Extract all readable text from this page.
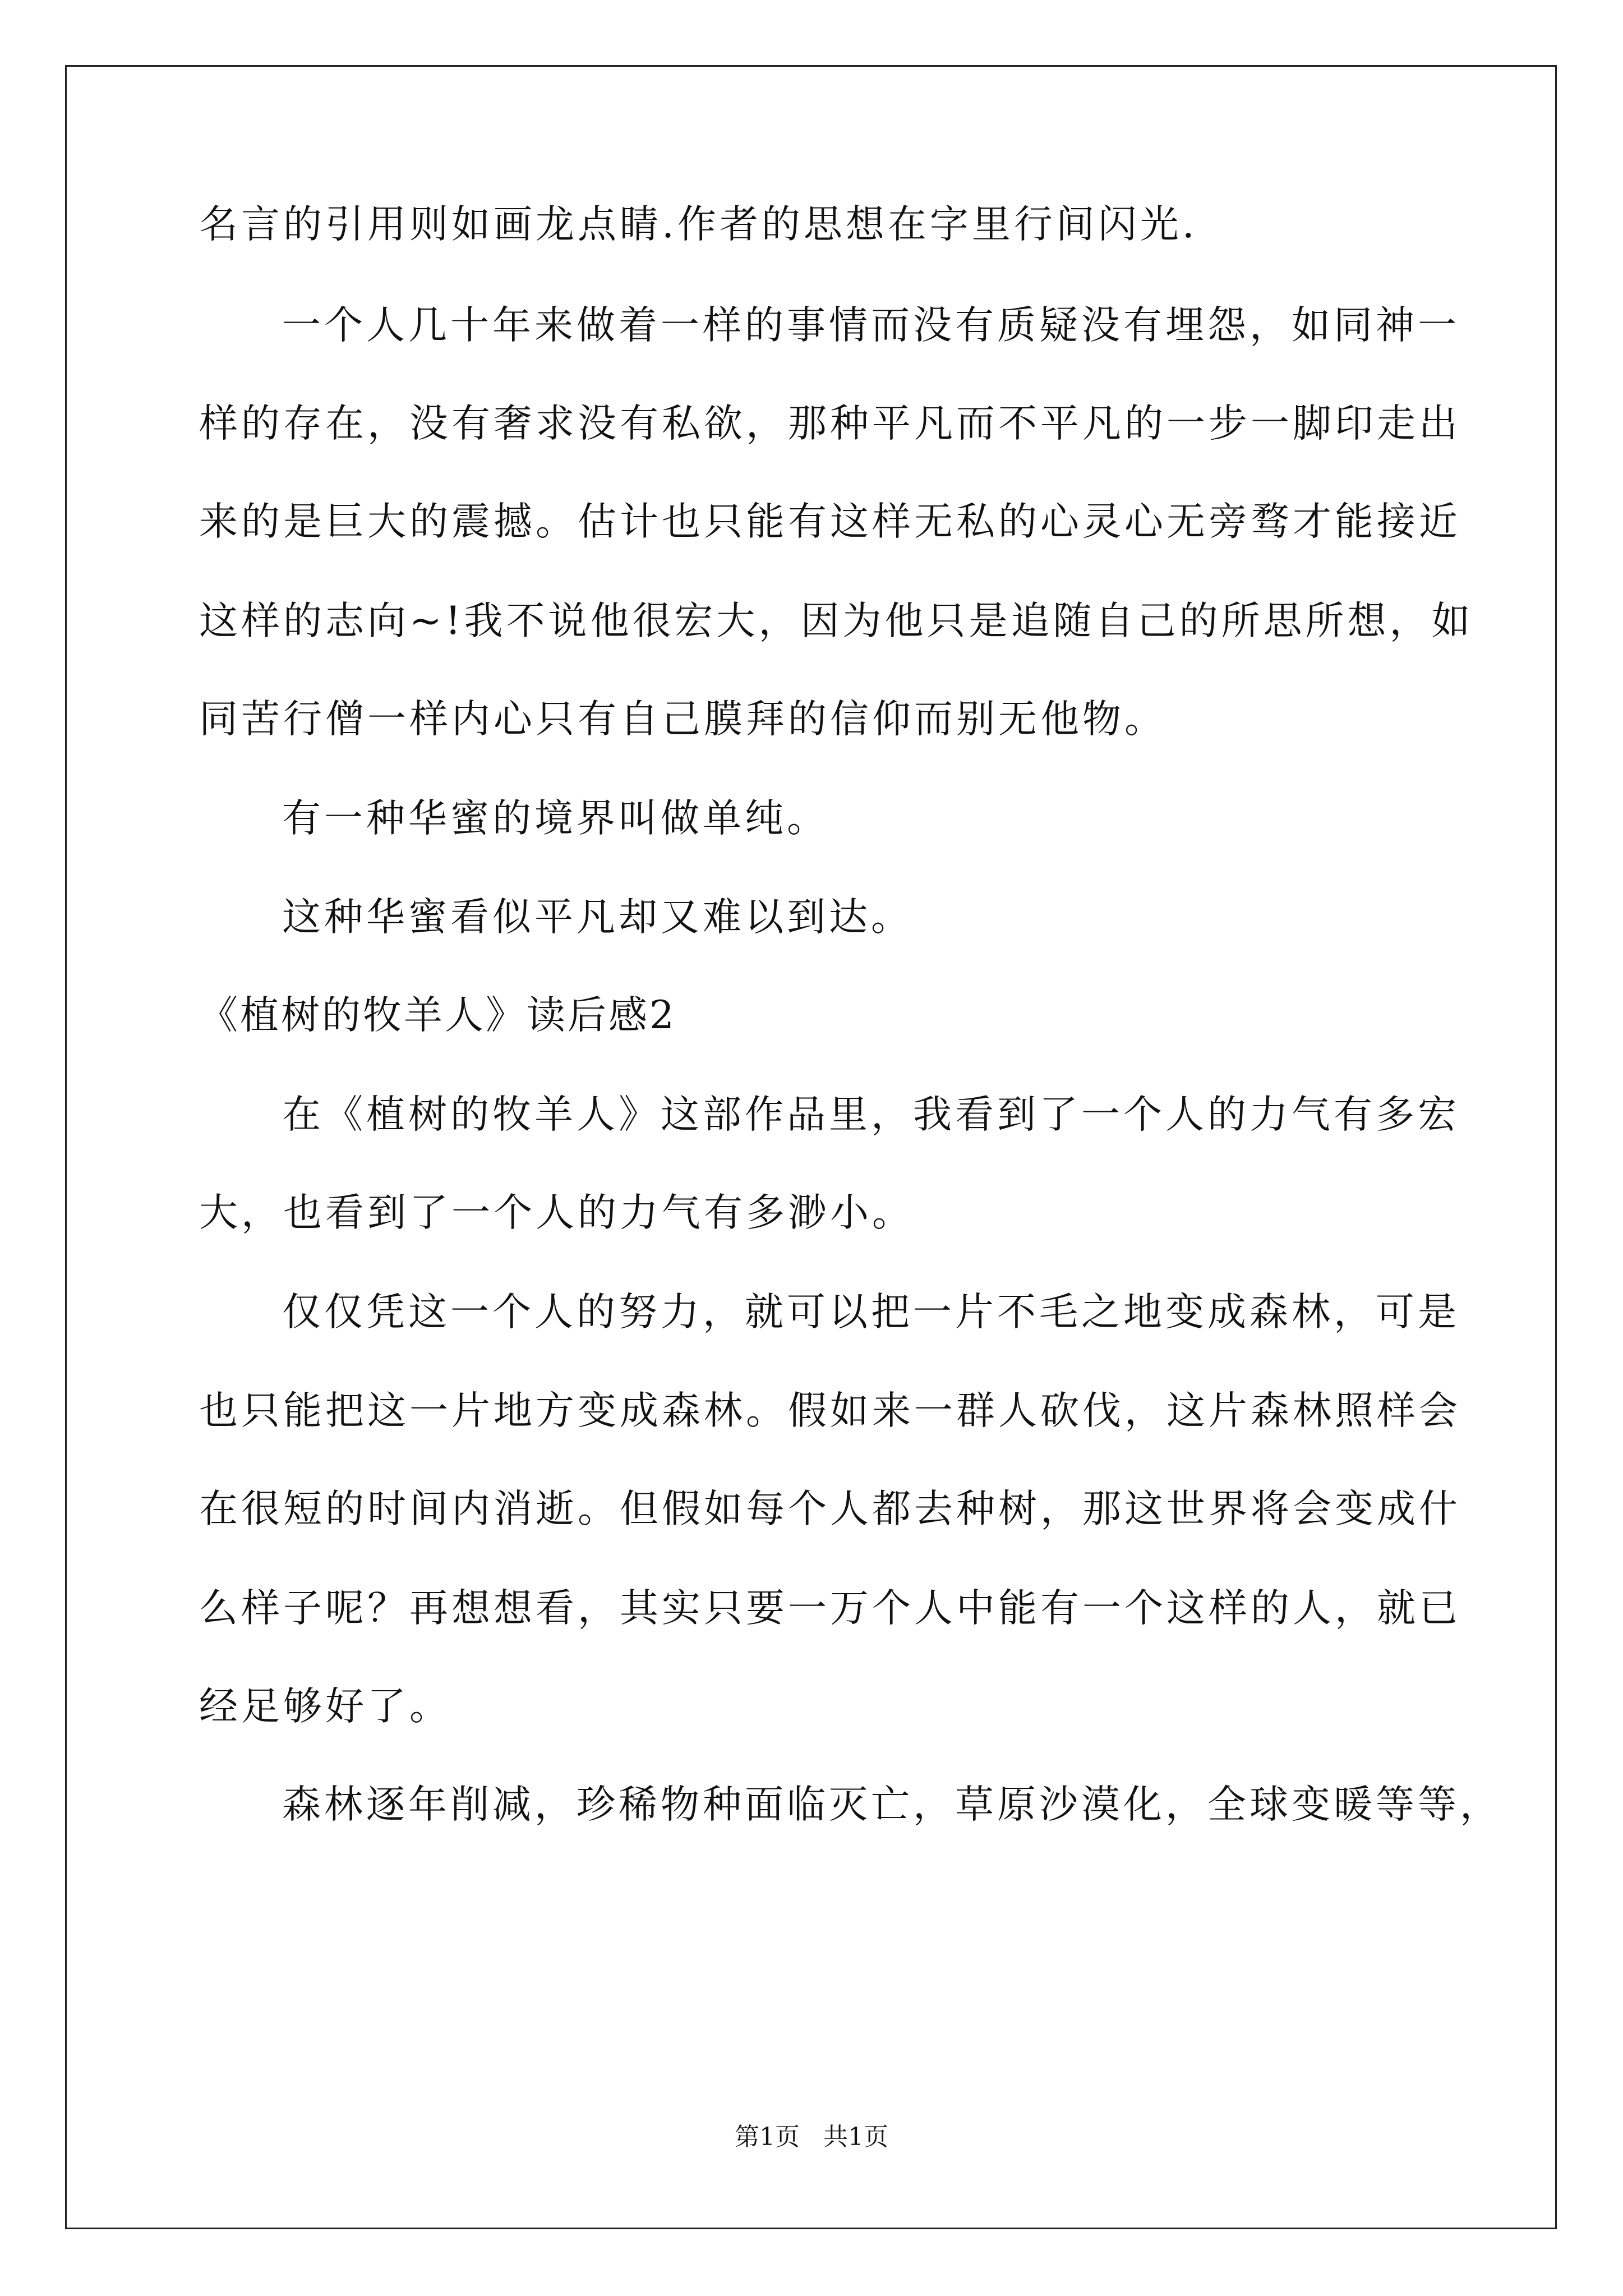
名言的引用则如画龙点睛.作者的思想在字里行间闪光.

一个人几十年来做着一样的事情而没有质疑没有埋怨，如同神一

样的存在，没有奢求没有私欲，那种平凡而不平凡的一步一脚印走出

来的是巨大的震撼。估计也只能有这样无私的心灵心无旁骛才能接近

这样的志向~!我不说他很宏大，因为他只是追随自己的所思所想，如

同苦行僧一样内心只有自己膜拜的信仰而别无他物。

有一种华蜜的境界叫做单纯。

这种华蜜看似平凡却又难以到达。

《植树的牧羊人》读后感2

在《植树的牧羊人》这部作品里，我看到了一个人的力气有多宏

大，也看到了一个人的力气有多渺小。

仅仅凭这一个人的努力，就可以把一片不毛之地变成森林，可是

也只能把这一片地方变成森林。假如来一群人砍伐，这片森林照样会

在很短的时间内消逝。但假如每个人都去种树，那这世界将会变成什

么样子呢？再想想看，其实只要一万个人中能有一个这样的人，就已

经足够好了。

森林逐年削减，珍稀物种面临灭亡，草原沙漠化，全球变暖等等，

第1页   共1页
